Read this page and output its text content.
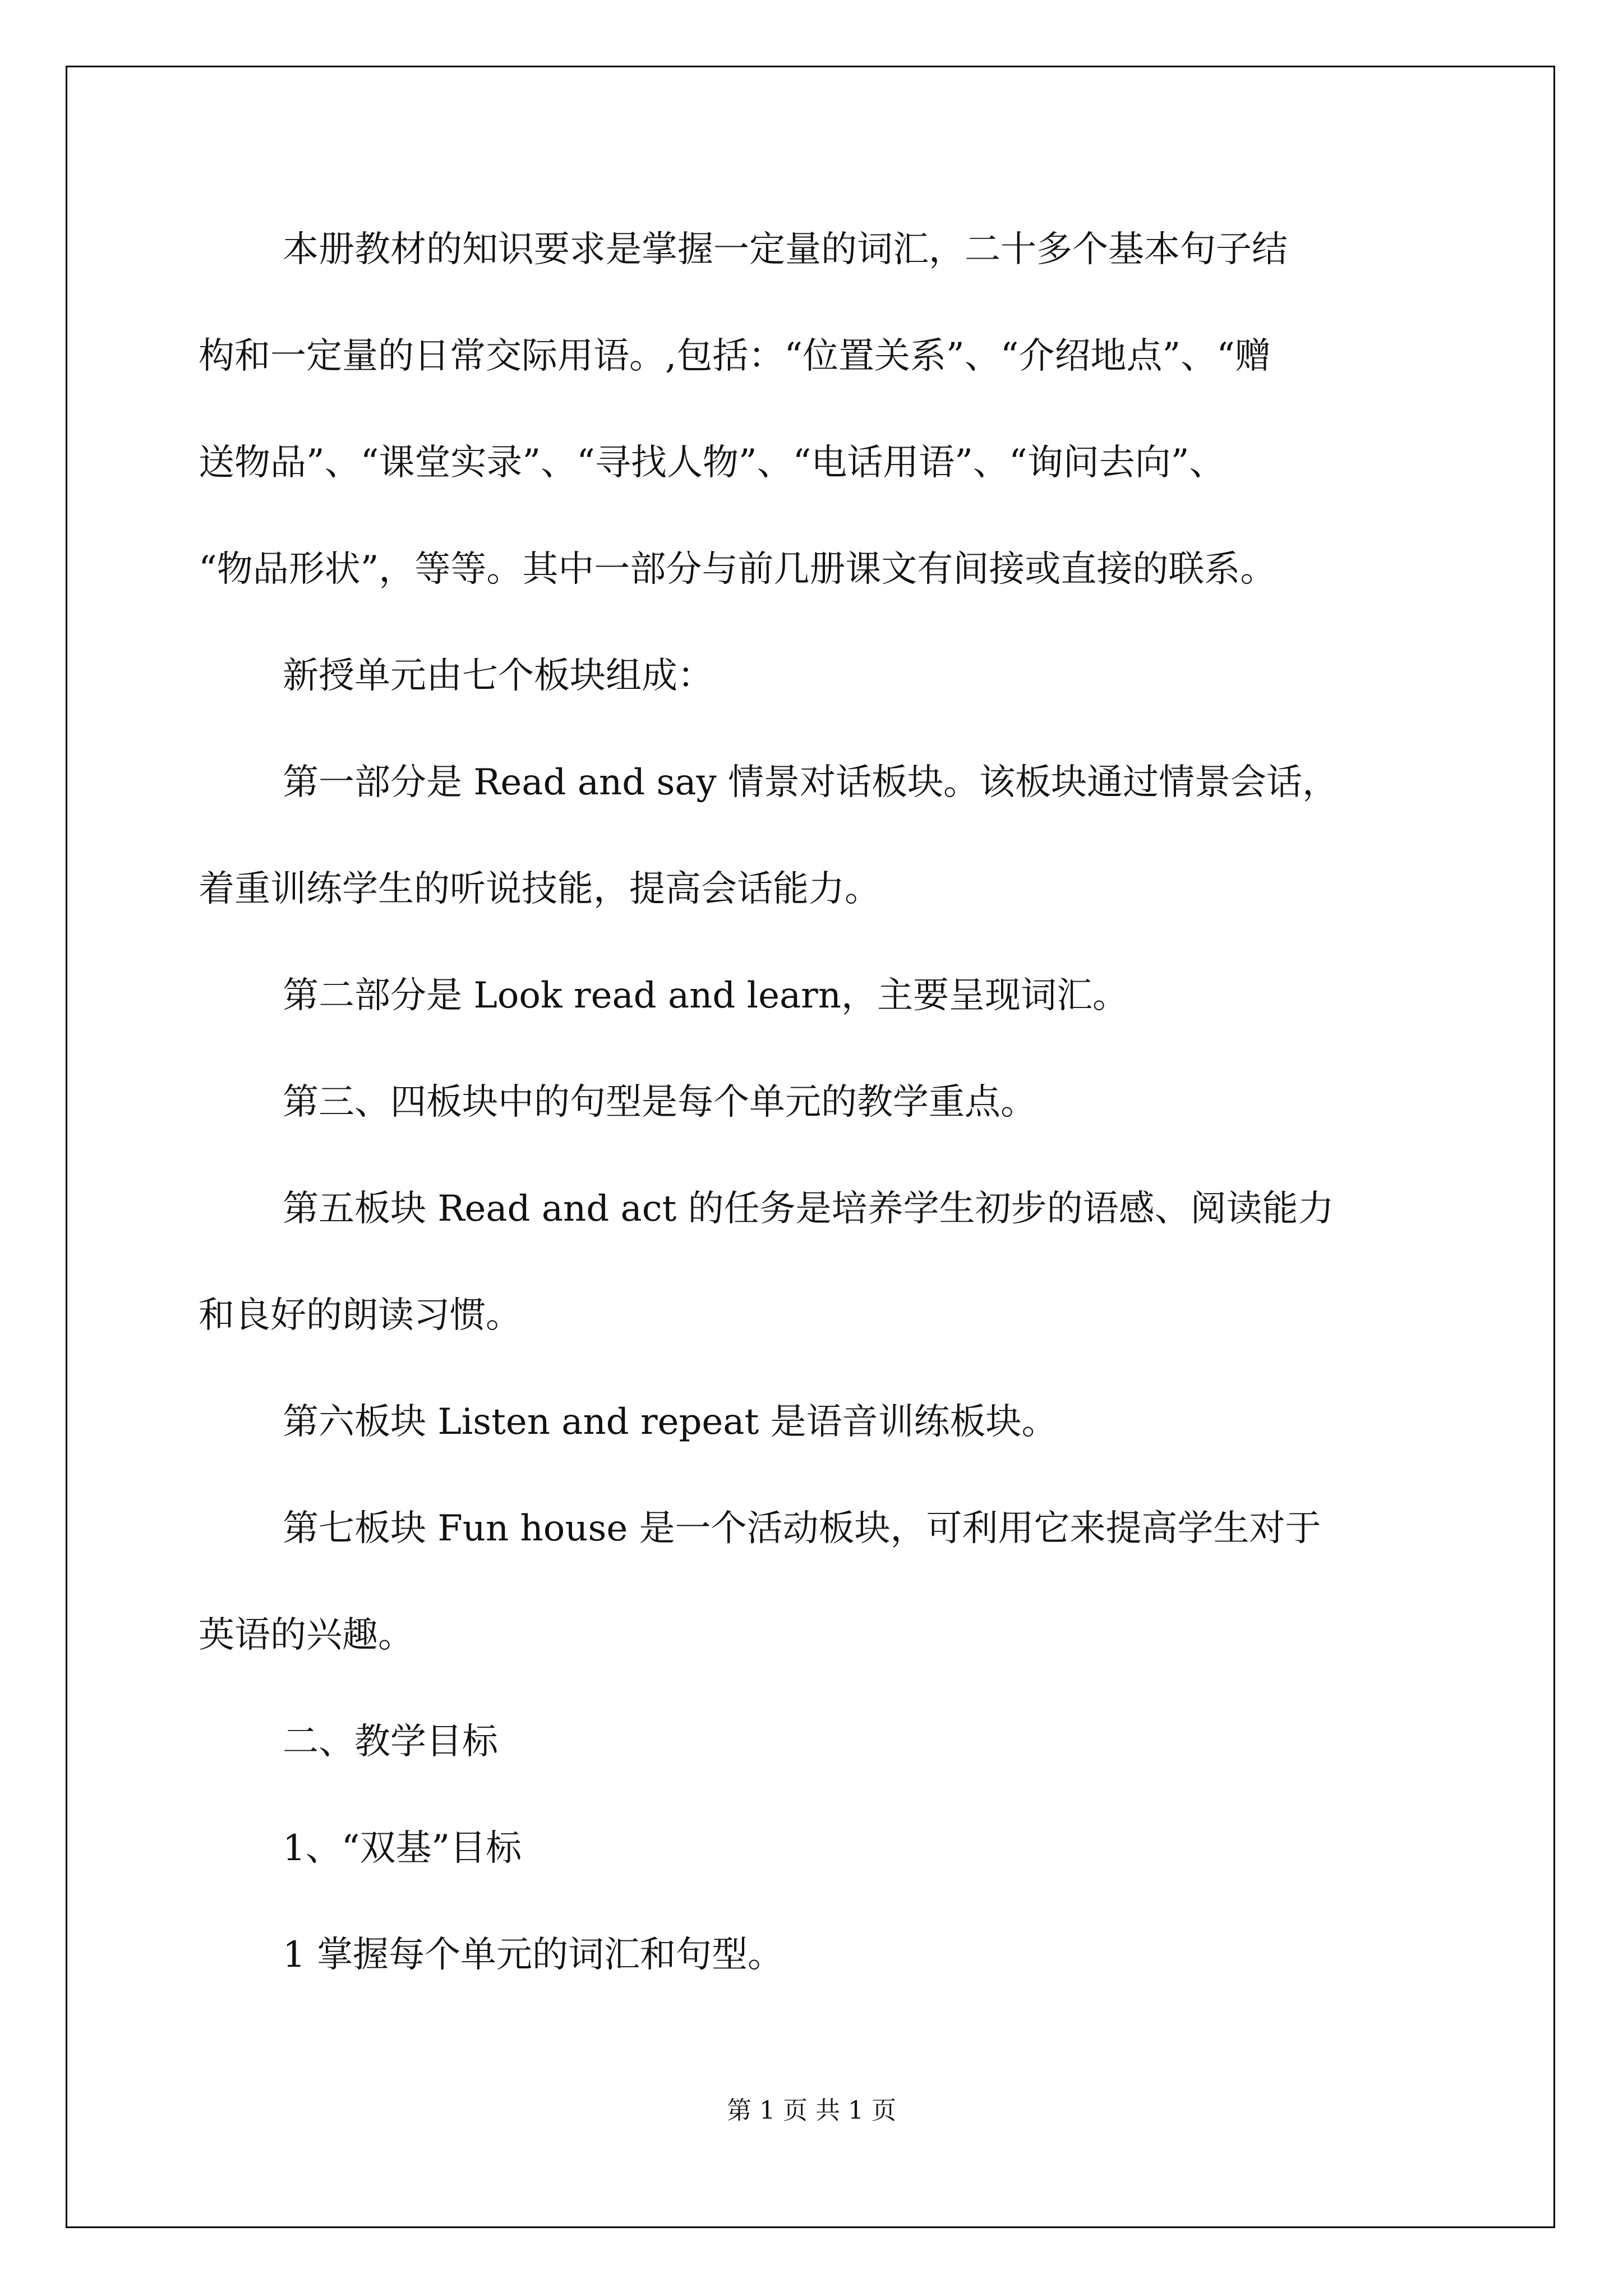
本册教材的知识要求是掌握一定量的词汇，二十多个基本句子结
构和一定量的日常交际用语。,包括：“位置关系”、“介绍地点”、“赠
送物品”、“课堂实录”、“寻找人物”、“电话用语”、“询问去向”、
“物品形状”，等等。其中一部分与前几册课文有间接或直接的联系。
新授单元由七个板块组成：
第一部分是 Read and say 情景对话板块。该板块通过情景会话，
着重训练学生的听说技能，提高会话能力。
第二部分是 Look read and learn，主要呈现词汇。
第三、四板块中的句型是每个单元的教学重点。
第五板块 Read and act 的任务是培养学生初步的语感、阅读能力
和良好的朗读习惯。
第六板块 Listen and repeat 是语音训练板块。
第七板块 Fun house 是一个活动板块，可利用它来提高学生对于
英语的兴趣。
二、教学目标
1、“双基”目标
1 掌握每个单元的词汇和句型。
第 1 页 共 1 页
